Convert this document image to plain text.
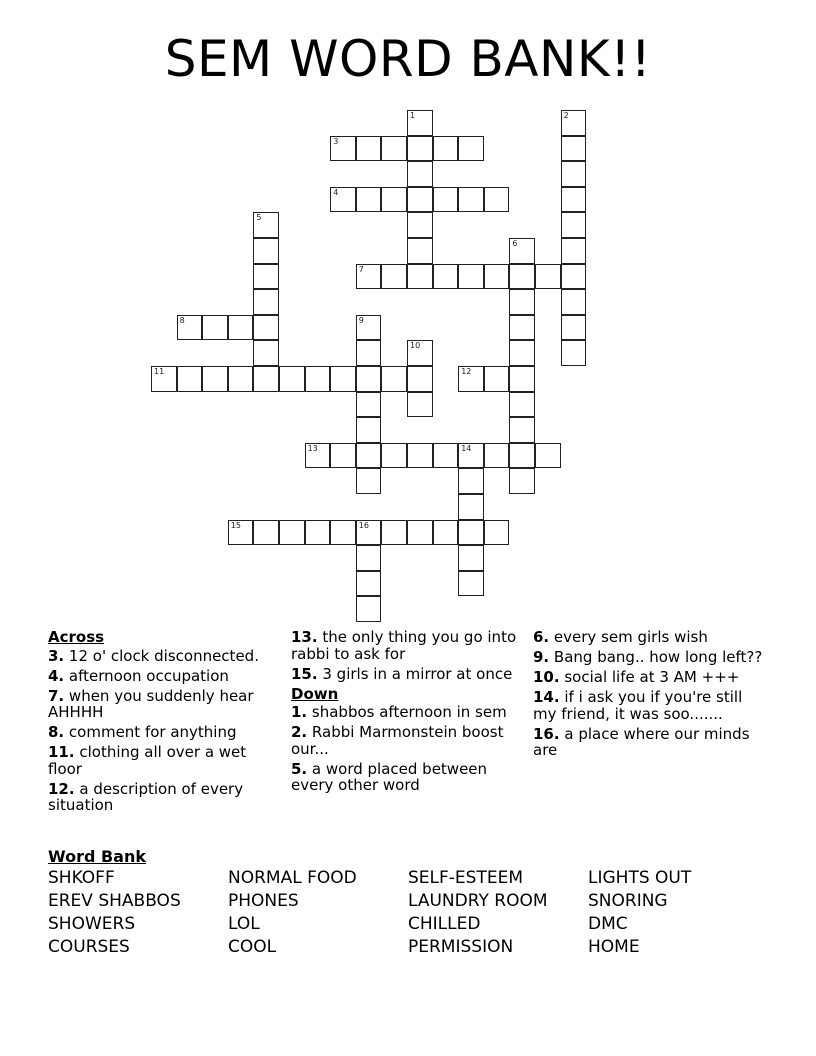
SEM WORD BANK!!
1	2
3
4
5
6
7
8	9
10
11	12
13	14
15	16
Across
3. 12 o' clock disconnected.
4. afternoon occupation
7. when you suddenly hear AHHHH
8. comment for anything
11. clothing all over a wet floor
12. a description of every situation
13. the only thing you go into rabbi to ask for
15. 3 girls in a mirror at once
Down
1. shabbos afternoon in sem
2. Rabbi Marmonstein boost our...
5. a word placed between every other word
6. every sem girls wish
9. Bang bang.. how long left??
10. social life at 3 AM +++
14. if i ask you if you're still my friend, it was soo.......
16. a place where our minds are
Word Bank
SHKOFF	NORMAL FOOD	SELF-ESTEEM	LIGHTS OUT
EREV SHABBOS	PHONES	LAUNDRY ROOM	SNORING
SHOWERS	LOL	CHILLED	DMC
COURSES	COOL	PERMISSION	HOME
